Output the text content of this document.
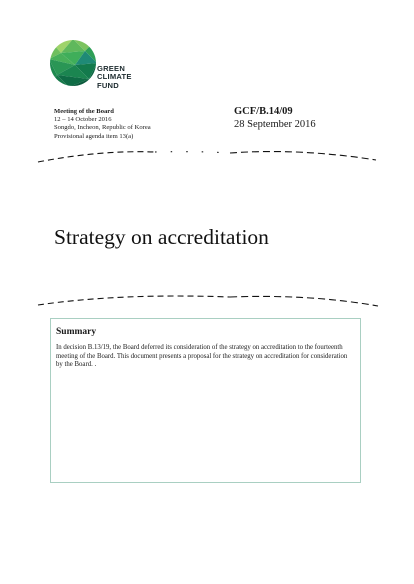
GREEN
CLIMATE
FUND
Meeting of the Board
12 – 14 October 2016
Songdo, Incheon, Republic of Korea
Provisional agenda item 13(a)
GCF/B.14/09
28 September 2016
Strategy on accreditation
Summary
In decision B.13/19, the Board deferred its consideration of the strategy on accreditation to the fourteenth meeting of the Board. This document presents a proposal for the strategy on accreditation for consideration by the Board. .
